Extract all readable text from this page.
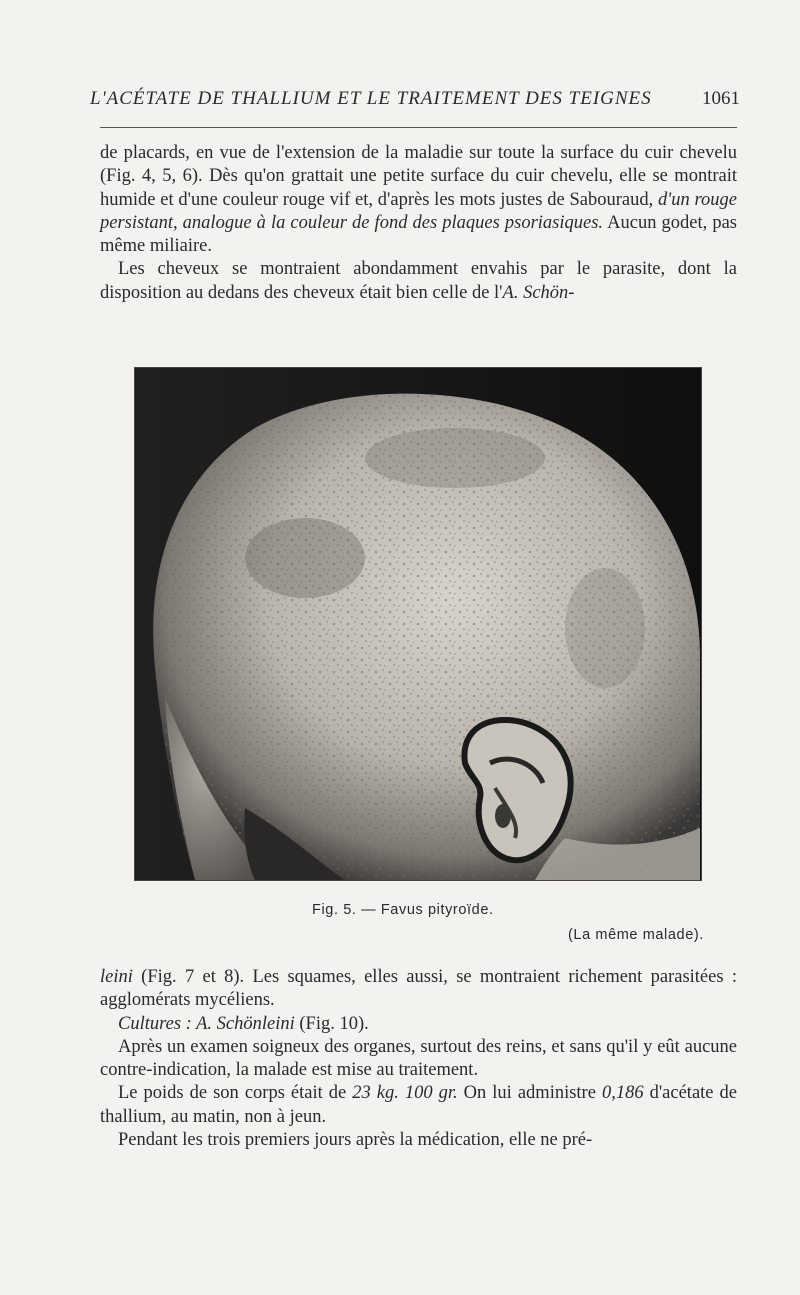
L'ACÉTATE DE THALLIUM ET LE TRAITEMENT DES TEIGNES	1061

de placards, en vue de l'extension de la maladie sur toute la surface du cuir chevelu (Fig. 4, 5, 6). Dès qu'on grattait une petite surface du cuir chevelu, elle se montrait humide et d'une couleur rouge vif et, d'après les mots justes de Sabouraud, d'un rouge persistant, analogue à la couleur de fond des plaques psoriasiques. Aucun godet, pas même miliaire.

Les cheveux se montraient abondamment envahis par le parasite, dont la disposition au dedans des cheveux était bien celle de l'A. Schön-

Fig. 5. — Favus pityroïde.
(La même malade).

leini (Fig. 7 et 8). Les squames, elles aussi, se montraient richement parasitées : agglomérats mycéliens.

Cultures : A. Schönleini (Fig. 10).

Après un examen soigneux des organes, surtout des reins, et sans qu'il y eût aucune contre-indication, la malade est mise au traitement.

Le poids de son corps était de 23 kg. 100 gr. On lui administre 0,186 d'acétate de thallium, au matin, non à jeun.

Pendant les trois premiers jours après la médication, elle ne pré-
